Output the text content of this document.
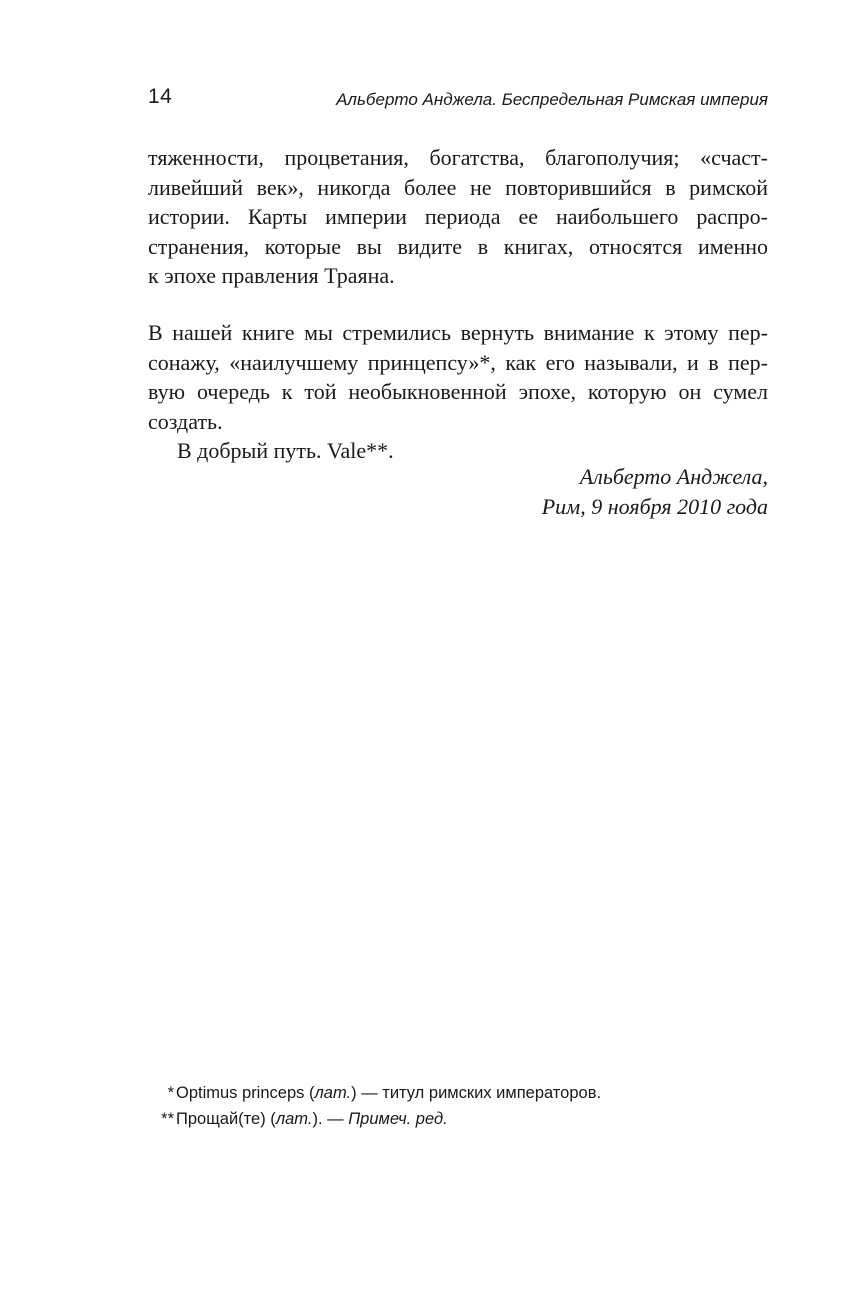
14	Альберто Анджела. Беспредельная Римская империя
тяженности, процветания, богатства, благополучия; «счаст-
ливейший век», никогда более не повторившийся в римской
истории. Карты империи периода ее наибольшего распро-
странения, которые вы видите в книгах, относятся именно
к эпохе правления Траяна.
В нашей книге мы стремились вернуть внимание к этому пер-
сонажу, «наилучшему принцепсу»*, как его называли, и в пер-
вую очередь к той необыкновенной эпохе, которую он сумел
создать.
В добрый путь. Vale**.
Альберто Анджела,
Рим, 9 ноября 2010 года
* Optimus princeps (лат.) — титул римских императоров.
** Прощай(те) (лат.). — Примеч. ред.
